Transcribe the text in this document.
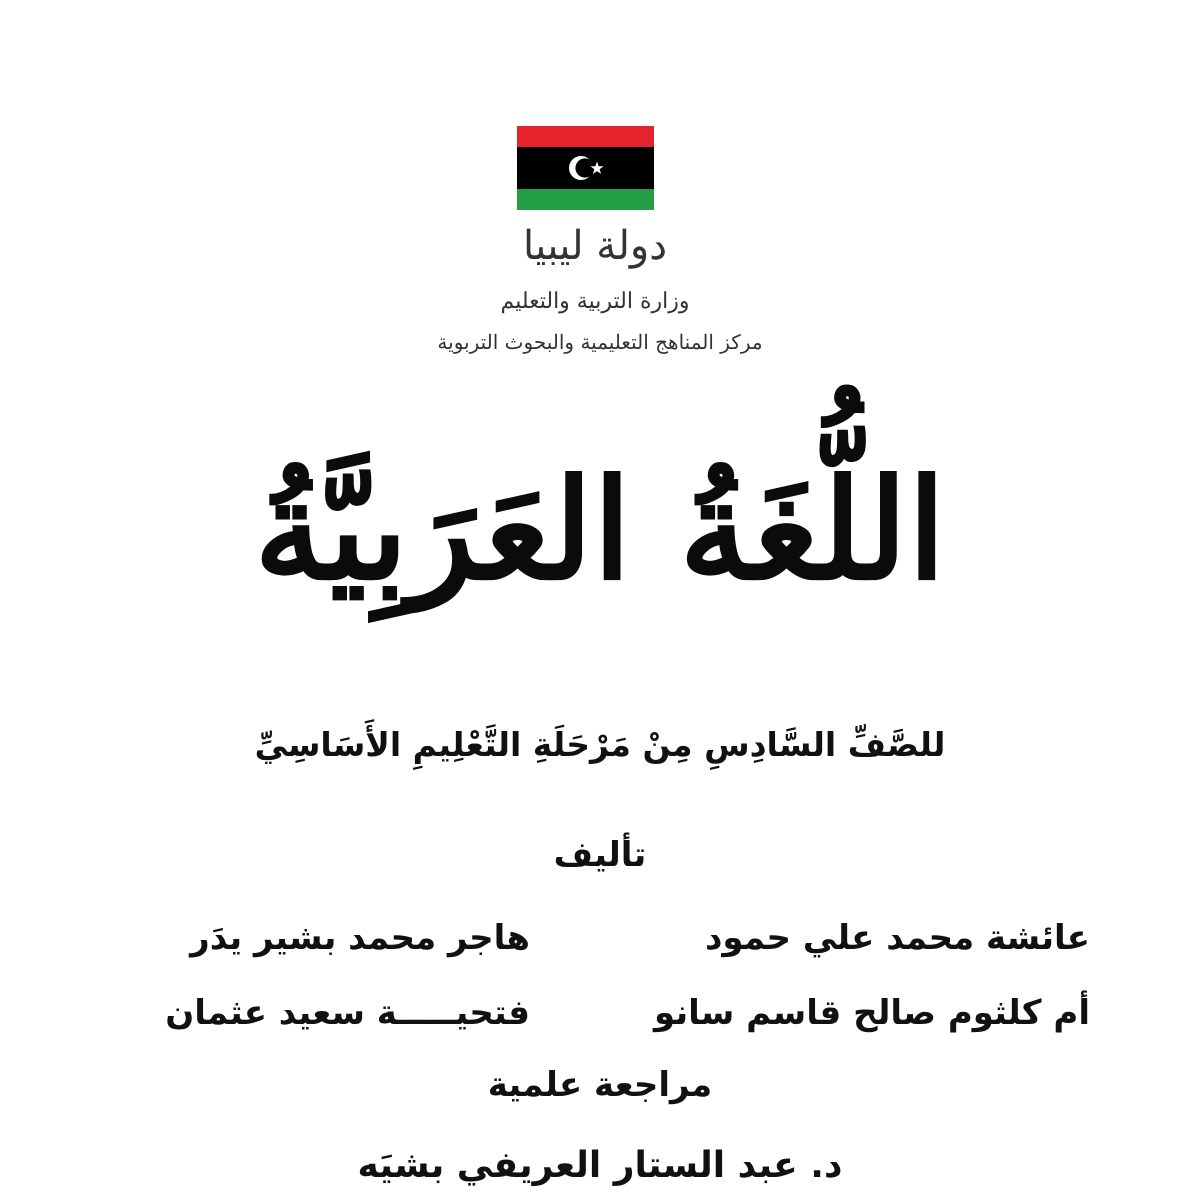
دولة ليبيا
وزارة التربية والتعليم
مركز المناهج التعليمية والبحوث التربوية
اللُّغَةُ العَرَبِيَّةُ
للصَّفِّ السَّادِسِ مِنْ مَرْحَلَةِ التَّعْلِيمِ الأَسَاسِيِّ
تأليف
عائشة محمد علي حمود
هاجر محمد بشير يدَر
أم كلثوم صالح قاسم سانو
فتحيـــــة سعيد عثمان
مراجعة علمية
د. عبد الستار العريفي بشيَه
